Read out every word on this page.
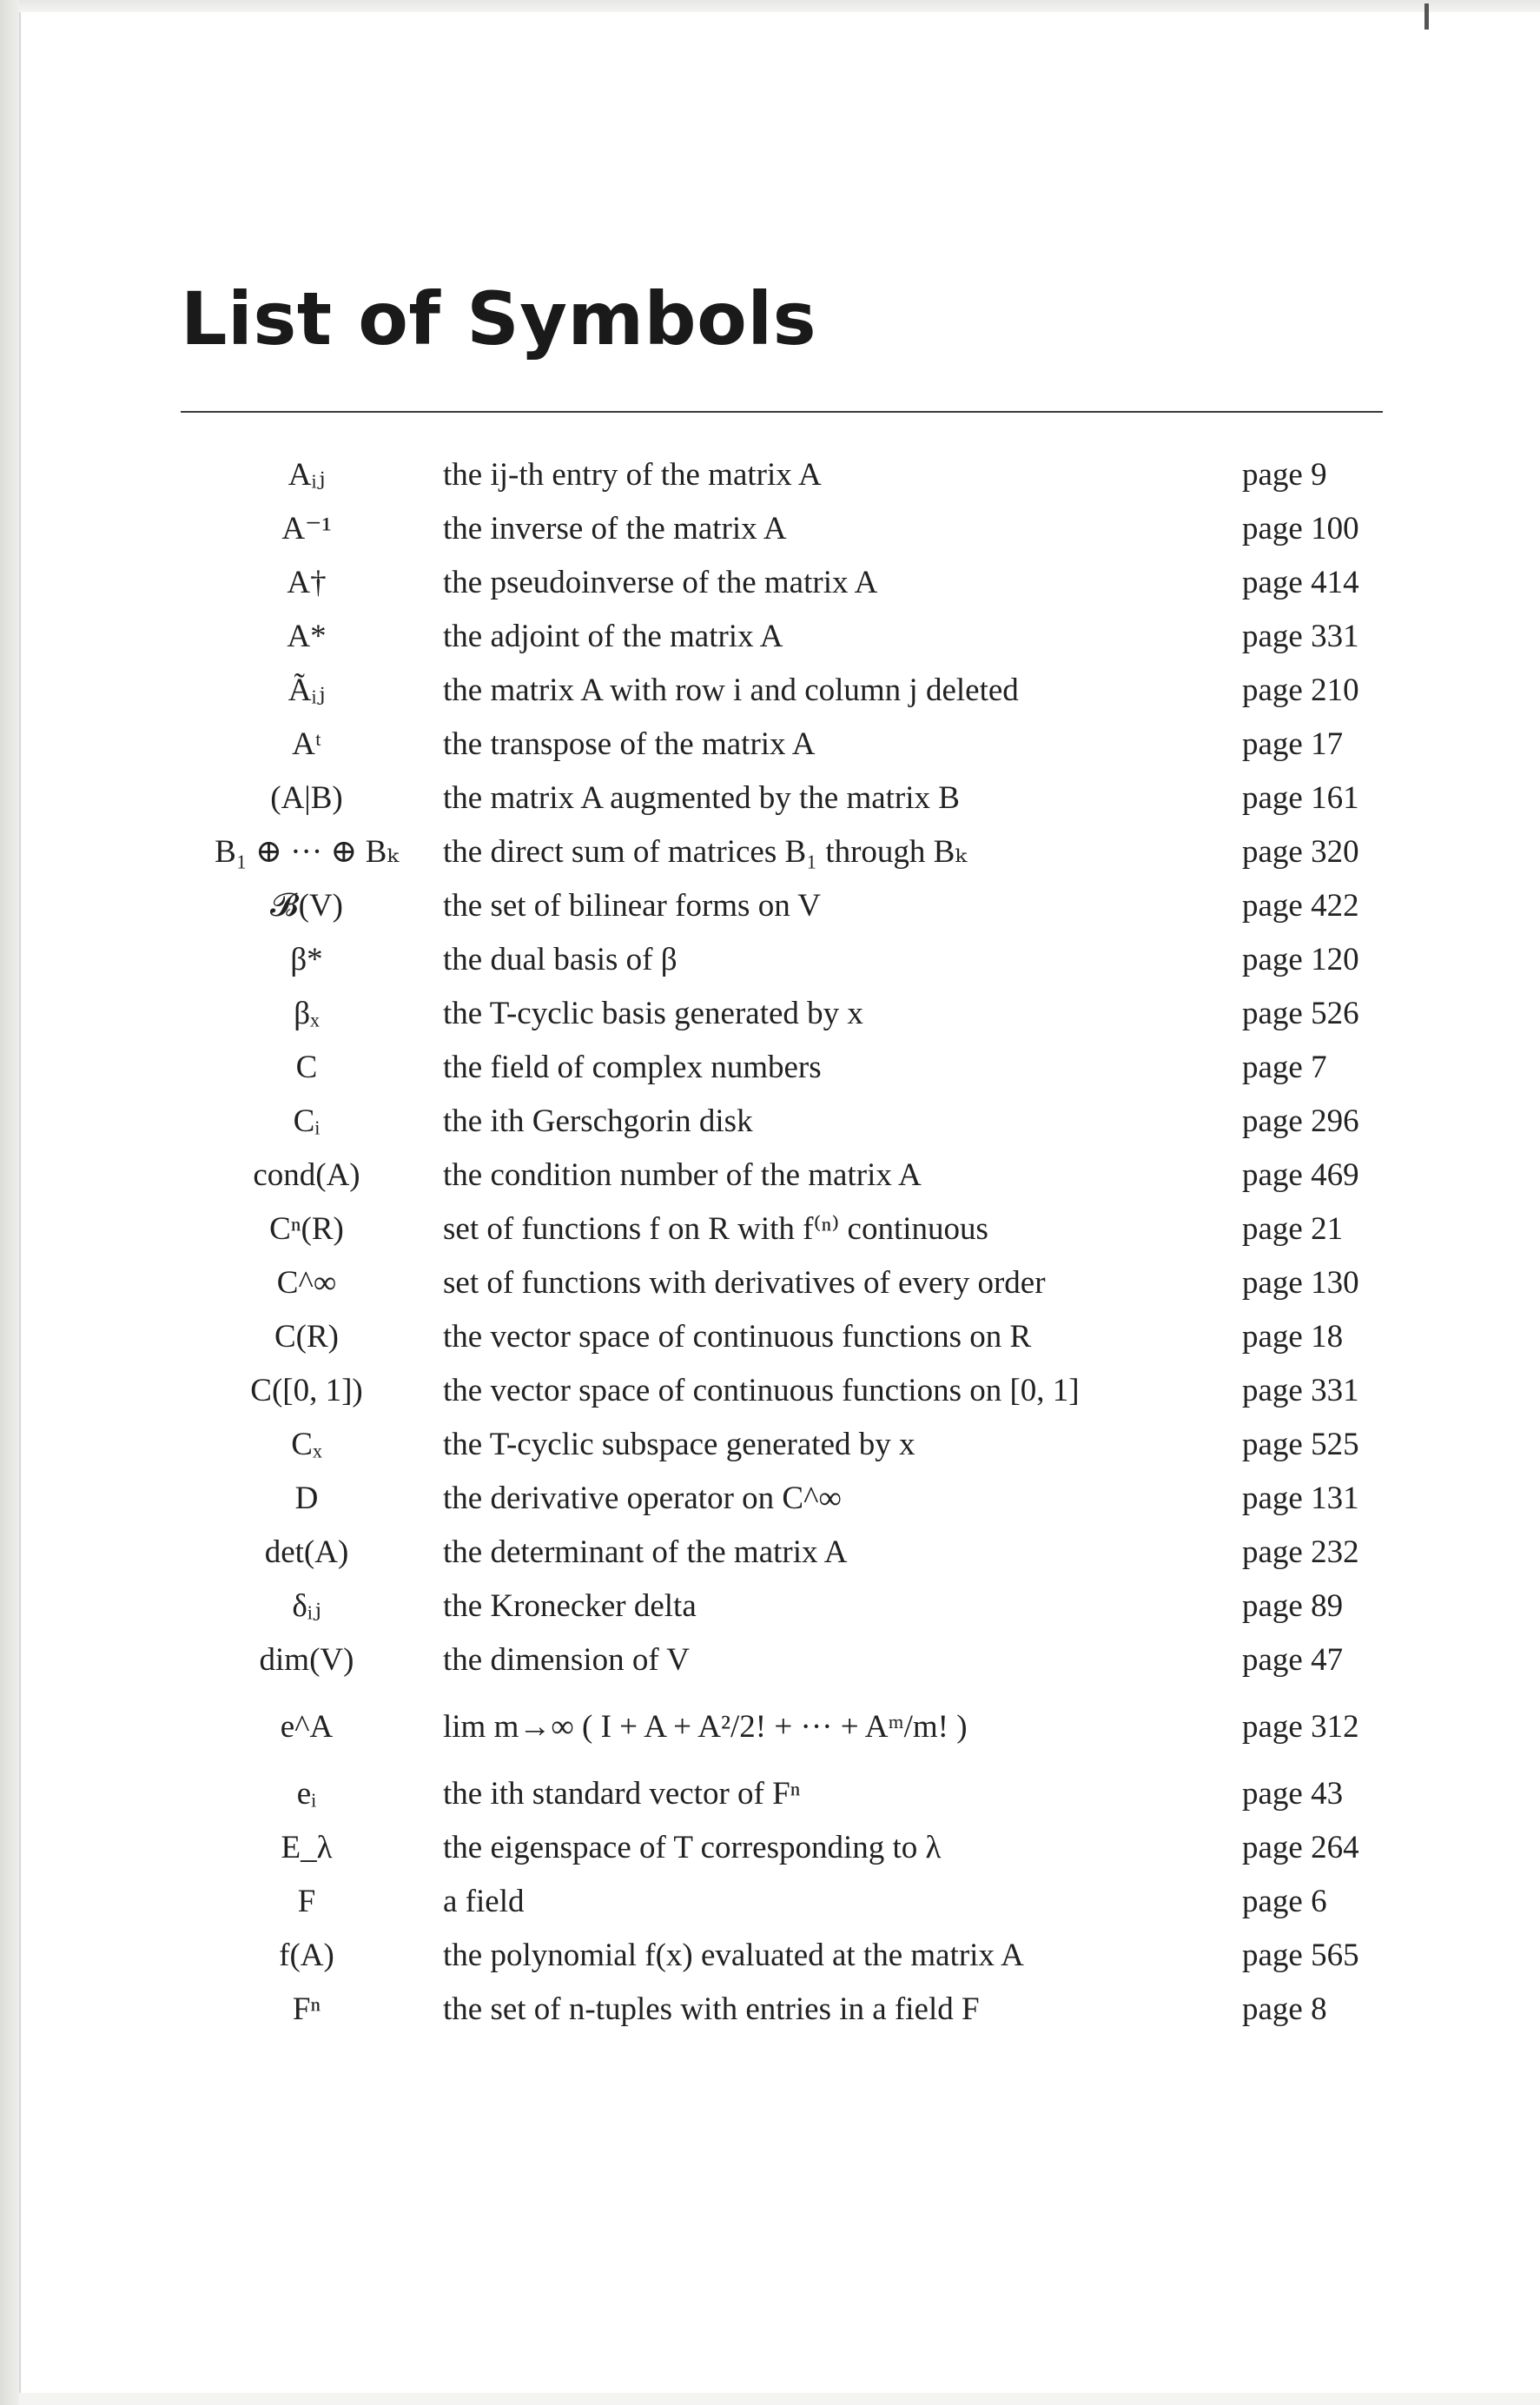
List of Symbols
Aᵢⱼ	the ij-th entry of the matrix A	page 9
A⁻¹	the inverse of the matrix A	page 100
A†	the pseudoinverse of the matrix A	page 414
A*	the adjoint of the matrix A	page 331
Ãᵢⱼ	the matrix A with row i and column j deleted	page 210
Aᵗ	the transpose of the matrix A	page 17
(A|B)	the matrix A augmented by the matrix B	page 161
B₁ ⊕ ··· ⊕ Bₖ	the direct sum of matrices B₁ through Bₖ	page 320
𝓑(V)	the set of bilinear forms on V	page 422
β*	the dual basis of β	page 120
βₓ	the T-cyclic basis generated by x	page 526
C	the field of complex numbers	page 7
Cᵢ	the ith Gerschgorin disk	page 296
cond(A)	the condition number of the matrix A	page 469
Cⁿ(R)	set of functions f on R with f⁽ⁿ⁾ continuous	page 21
C^∞	set of functions with derivatives of every order	page 130
C(R)	the vector space of continuous functions on R	page 18
C([0, 1])	the vector space of continuous functions on [0, 1]	page 331
Cₓ	the T-cyclic subspace generated by x	page 525
D	the derivative operator on C^∞	page 131
det(A)	the determinant of the matrix A	page 232
δᵢⱼ	the Kronecker delta	page 89
dim(V)	the dimension of V	page 47
e^A	lim m→∞ ( I + A + A²/2! + ··· + Aᵐ/m! )	page 312
eᵢ	the ith standard vector of Fⁿ	page 43
E_λ	the eigenspace of T corresponding to λ	page 264
F	a field	page 6
f(A)	the polynomial f(x) evaluated at the matrix A	page 565
Fⁿ	the set of n-tuples with entries in a field F	page 8
